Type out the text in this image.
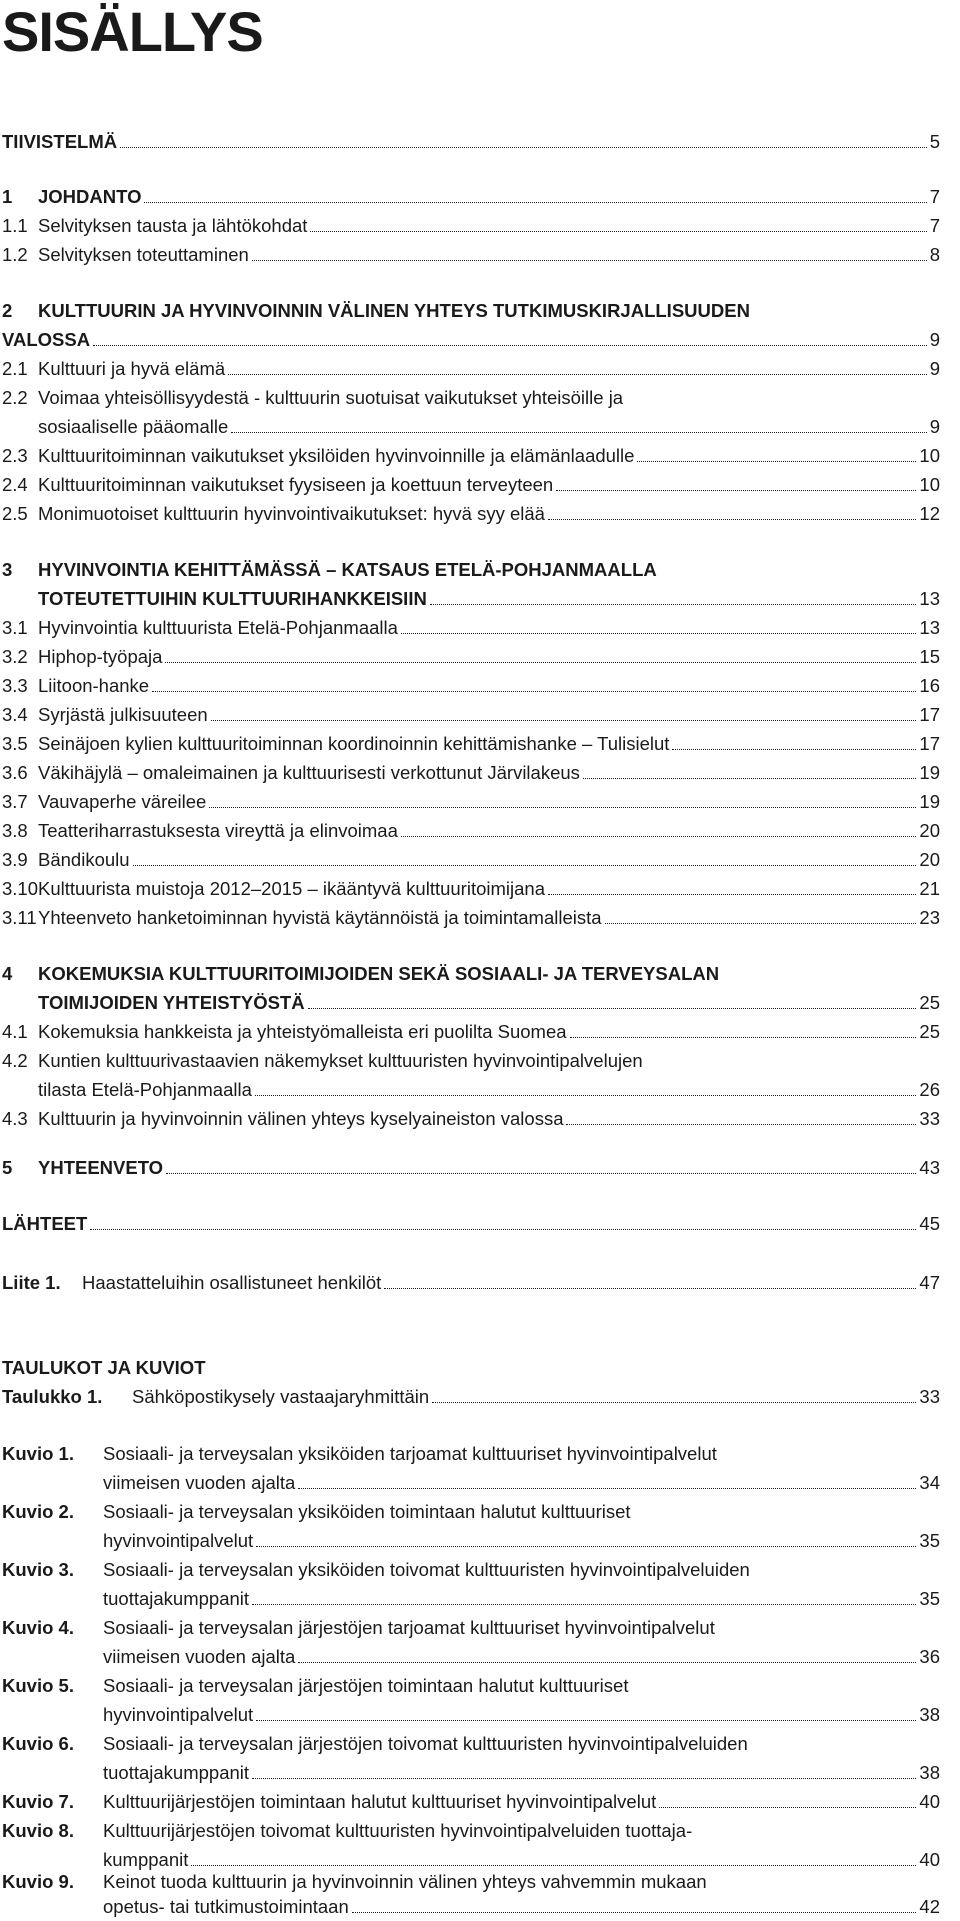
SISÄLLYS
TIIVISTELMÄ	5
1 JOHDANTO	7
1.1 Selvityksen tausta ja lähtökohdat	7
1.2 Selvityksen toteuttaminen	8
2 KULTTUURIN JA HYVINVOINNIN VÄLINEN YHTEYS TUTKIMUSKIRJALLISUUDEN
VALOSSA	9
2.1 Kulttuuri ja hyvä elämä	9
2.2 Voimaa yhteisöllisyydestä - kulttuurin suotuisat vaikutukset yhteisöille ja
sosiaaliselle pääomalle	9
2.3 Kulttuuritoiminnan vaikutukset yksilöiden hyvinvoinnille ja elämänlaadulle	10
2.4 Kulttuuritoiminnan vaikutukset fyysiseen ja koettuun terveyteen	10
2.5 Monimuotoiset kulttuurin hyvinvointivaikutukset: hyvä syy elää	12
3 HYVINVOINTIA KEHITTÄMÄSSÄ – KATSAUS ETELÄ-POHJANMAALLA
TOTEUTETTUIHIN KULTTUURIHANKKEISIIN	13
3.1 Hyvinvointia kulttuurista Etelä-Pohjanmaalla	13
3.2 Hiphop-työpaja	15
3.3 Liitoon-hanke	16
3.4 Syrjästä julkisuuteen	17
3.5 Seinäjoen kylien kulttuuritoiminnan koordinoinnin kehittämishanke – Tulisielut	17
3.6 Väkihäjylä – omaleimainen ja kulttuurisesti verkottunut Järvilakeus	19
3.7 Vauvaperhe väreilee	19
3.8 Teatteriharrastuksesta vireyttä ja elinvoimaa	20
3.9 Bändikoulu	20
3.10 Kulttuurista muistoja 2012–2015 – ikääntyvä kulttuuritoimijana	21
3.11 Yhteenveto hanketoiminnan hyvistä käytännöistä ja toimintamalleista	23
4 KOKEMUKSIA KULTTUURITOIMIJOIDEN SEKÄ SOSIAALI- JA TERVEYSALAN
TOIMIJOIDEN YHTEISTYÖSTÄ	25
4.1 Kokemuksia hankkeista ja yhteistyömalleista eri puolilta Suomea	25
4.2 Kuntien kulttuurivastaavien näkemykset kulttuuristen hyvinvointipalvelujen
tilasta Etelä-Pohjanmaalla	26
4.3 Kulttuurin ja hyvinvoinnin välinen yhteys kyselyaineiston valossa	33
5 YHTEENVETO	43
LÄHTEET	45
Liite 1. Haastatteluihin osallistuneet henkilöt	47
TAULUKOT JA KUVIOT
Taulukko 1. Sähköpostikysely vastaajaryhmittäin	33
Kuvio 1. Sosiaali- ja terveysalan yksiköiden tarjoamat kulttuuriset hyvinvointipalvelut
viimeisen vuoden ajalta	34
Kuvio 2. Sosiaali- ja terveysalan yksiköiden toimintaan halutut kulttuuriset
hyvinvointipalvelut	35
Kuvio 3. Sosiaali- ja terveysalan yksiköiden toivomat kulttuuristen hyvinvointipalveluiden
tuottajakumppanit	35
Kuvio 4. Sosiaali- ja terveysalan järjestöjen tarjoamat kulttuuriset hyvinvointipalvelut
viimeisen vuoden ajalta	36
Kuvio 5. Sosiaali- ja terveysalan järjestöjen toimintaan halutut kulttuuriset
hyvinvointipalvelut	38
Kuvio 6. Sosiaali- ja terveysalan järjestöjen toivomat kulttuuristen hyvinvointipalveluiden
tuottajakumppanit	38
Kuvio 7. Kulttuurijärjestöjen toimintaan halutut kulttuuriset hyvinvointipalvelut	40
Kuvio 8. Kulttuurijärjestöjen toivomat kulttuuristen hyvinvointipalveluiden tuottaja-
kumppanit	40
Kuvio 9. Keinot tuoda kulttuurin ja hyvinvoinnin välinen yhteys vahvemmin mukaan
opetus- tai tutkimustoimintaan	42
